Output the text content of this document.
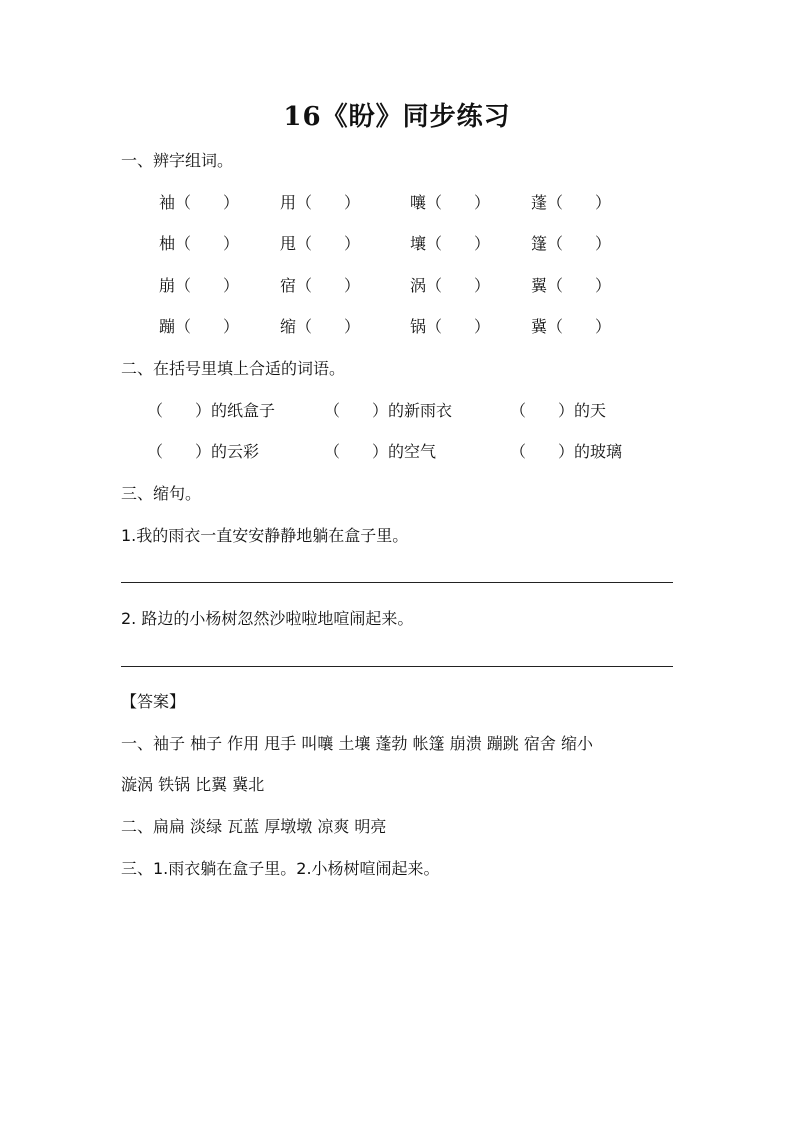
16《盼》同步练习
一、辨字组词。
袖（　　）	用（　　）	嚷（　　）	蓬（　　）
柚（　　）	甩（　　）	壤（　　）	篷（　　）
崩（　　）	宿（　　）	涡（　　）	翼（　　）
蹦（　　）	缩（　　）	锅（　　）	冀（　　）
二、在括号里填上合适的词语。
（　　）的纸盒子	（　　）的新雨衣	（　　）的天
（　　）的云彩	（　　）的空气	（　　）的玻璃
三、缩句。
1.我的雨衣一直安安静静地躺在盒子里。
2. 路边的小杨树忽然沙啦啦地喧闹起来。
【答案】
一、袖子 柚子 作用 甩手 叫嚷 土壤 蓬勃 帐篷 崩溃 蹦跳 宿舍 缩小
漩涡 铁锅 比翼 冀北
二、扁扁 淡绿 瓦蓝 厚墩墩 凉爽 明亮
三、1.雨衣躺在盒子里。2.小杨树喧闹起来。
